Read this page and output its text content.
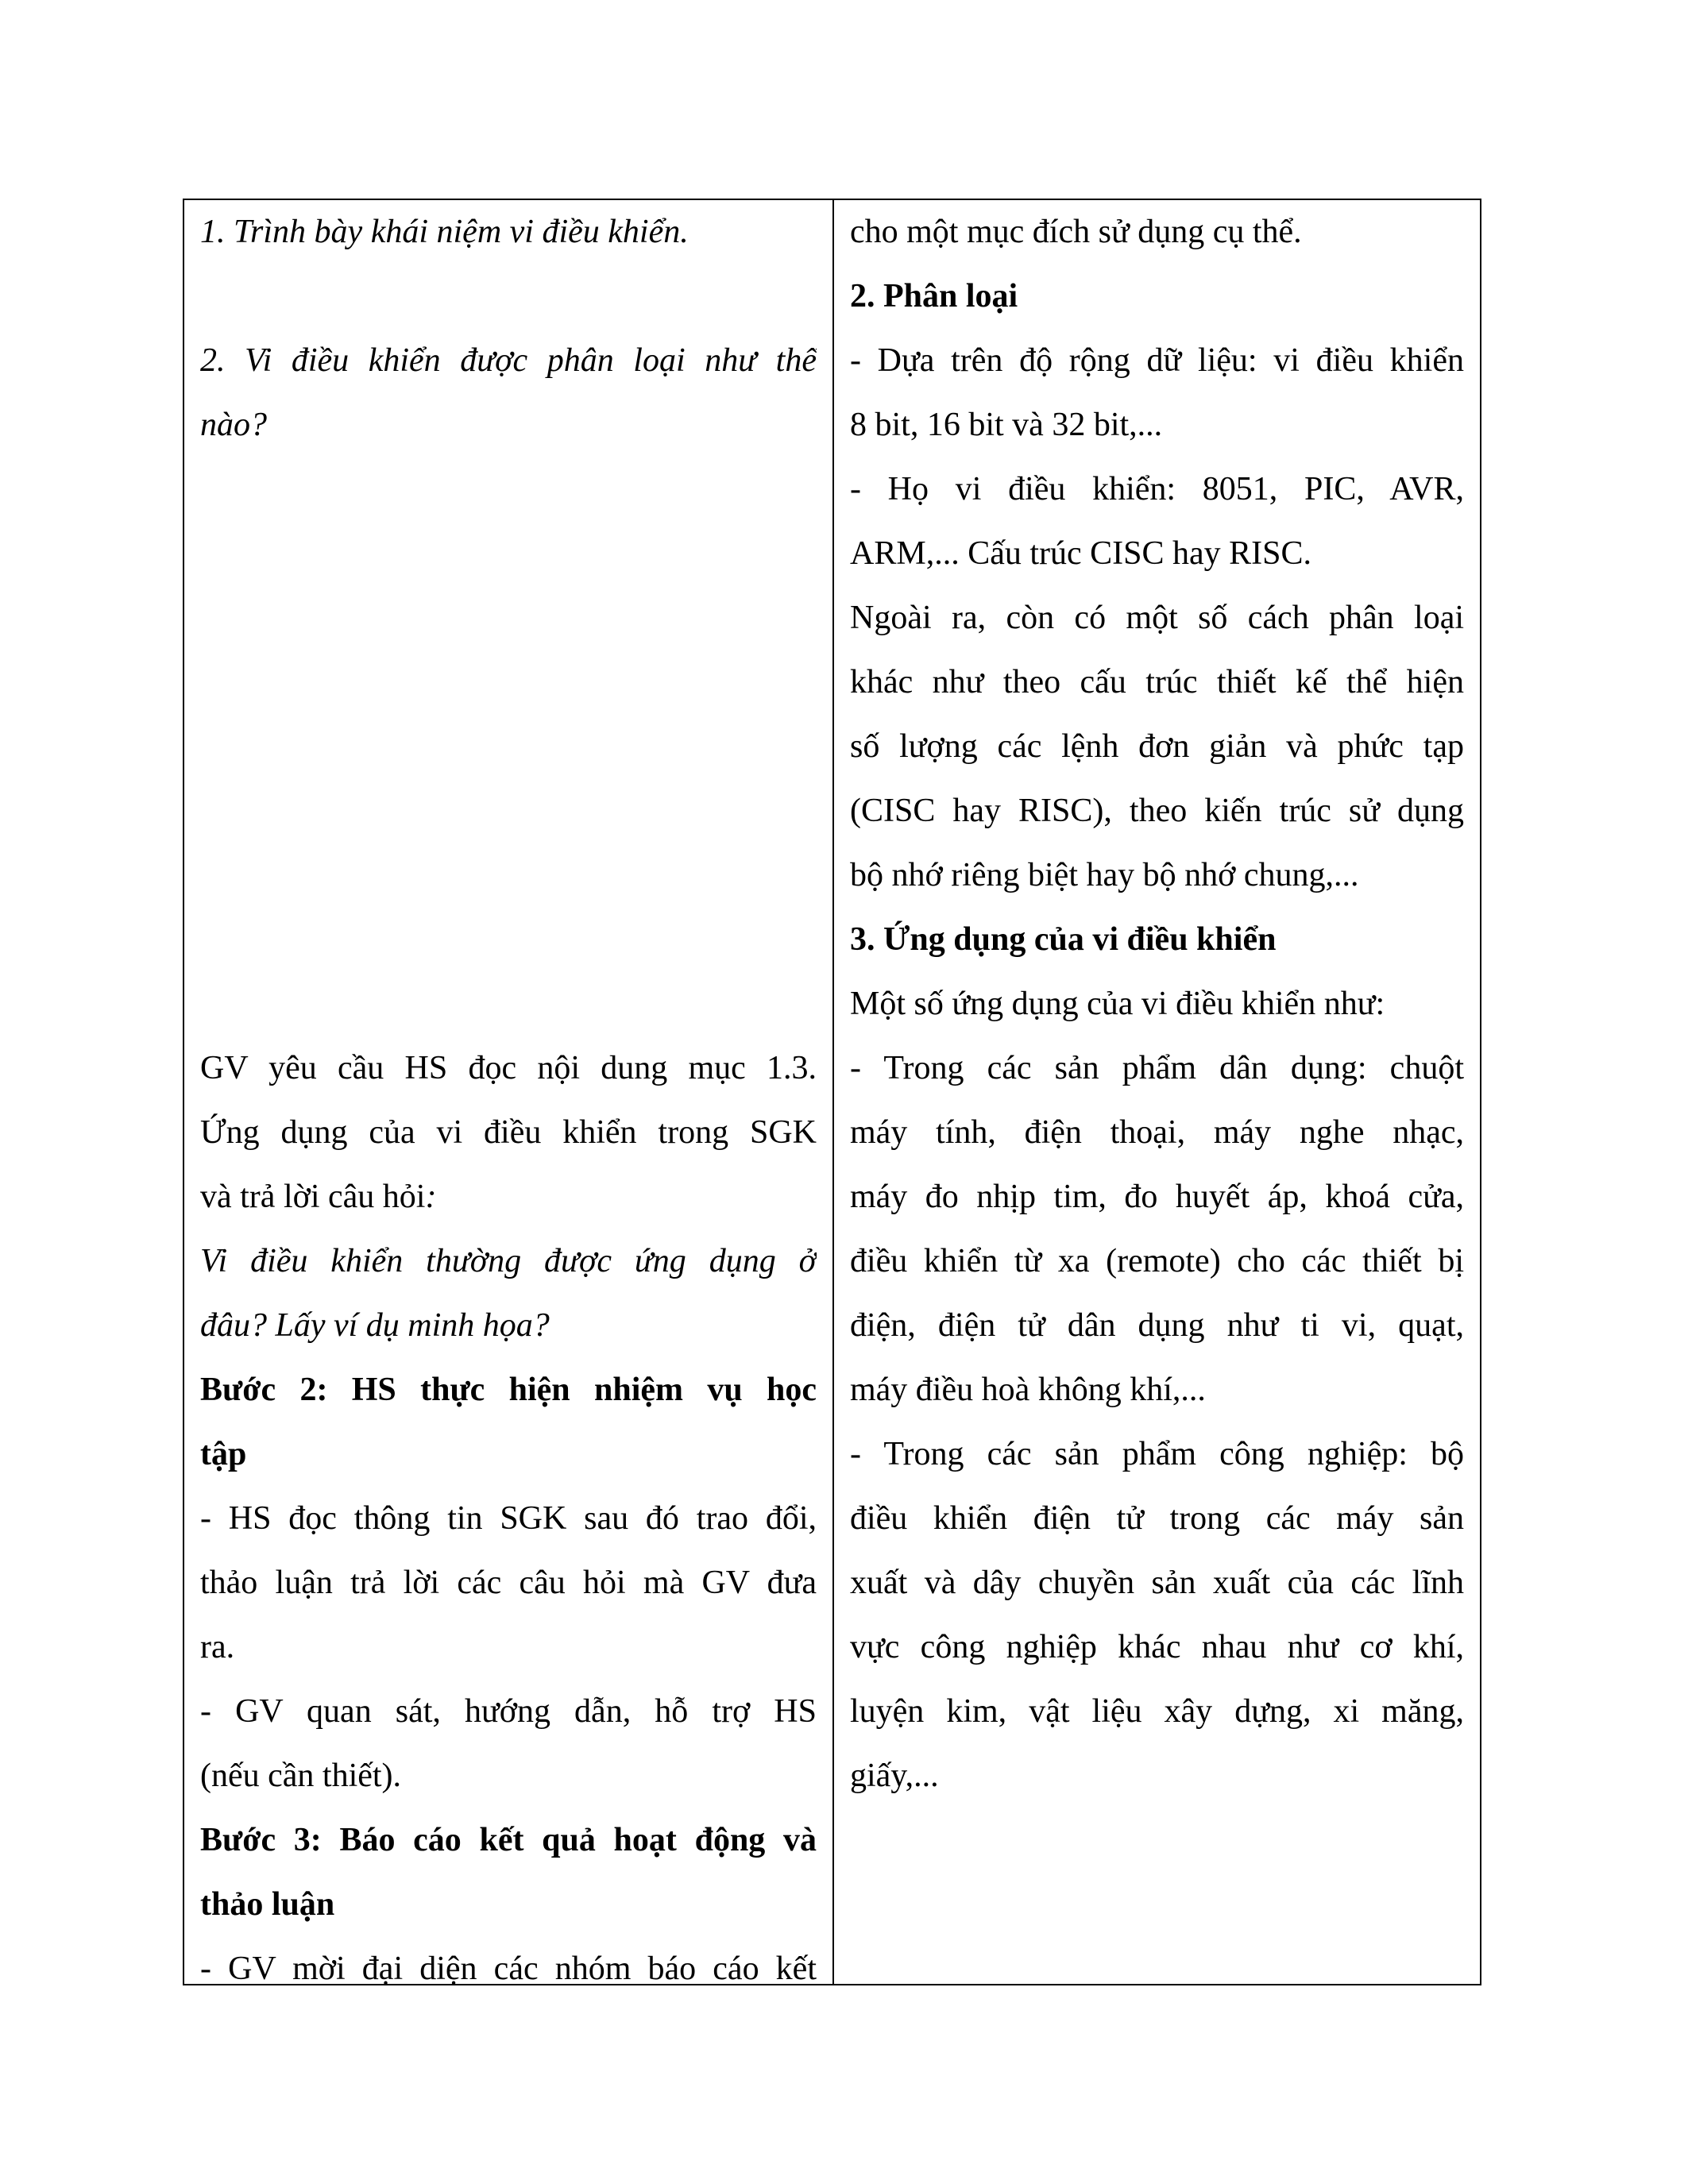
1. Trình bày khái niệm vi điều khiển.
2. Vi điều khiển được phân loại như thế
nào?
GV yêu cầu HS đọc nội dung mục 1.3.
Ứng dụng của vi điều khiển trong SGK
và trả lời câu hỏi:
Vi điều khiển thường được ứng dụng ở
đâu? Lấy ví dụ minh họa?
Bước 2: HS thực hiện nhiệm vụ học
tập
- HS đọc thông tin SGK sau đó trao đổi,
thảo luận trả lời các câu hỏi mà GV đưa
ra.
- GV quan sát, hướng dẫn, hỗ trợ HS
(nếu cần thiết).
Bước 3: Báo cáo kết quả hoạt động và
thảo luận
- GV mời đại diện các nhóm báo cáo kết
cho một mục đích sử dụng cụ thể.
2. Phân loại
- Dựa trên độ rộng dữ liệu: vi điều khiển
8 bit, 16 bit và 32 bit,...
- Họ vi điều khiển: 8051, PIC, AVR,
ARM,... Cấu trúc CISC hay RISC.
Ngoài ra, còn có một số cách phân loại
khác như theo cấu trúc thiết kế thể hiện
số lượng các lệnh đơn giản và phức tạp
(CISC hay RISC), theo kiến trúc sử dụng
bộ nhớ riêng biệt hay bộ nhớ chung,...
3. Ứng dụng của vi điều khiển
Một số ứng dụng của vi điều khiển như:
- Trong các sản phẩm dân dụng: chuột
máy tính, điện thoại, máy nghe nhạc,
máy đo nhịp tim, đo huyết áp, khoá cửa,
điều khiển từ xa (remote) cho các thiết bị
điện, điện tử dân dụng như ti vi, quạt,
máy điều hoà không khí,...
- Trong các sản phẩm công nghiệp: bộ
điều khiển điện tử trong các máy sản
xuất và dây chuyền sản xuất của các lĩnh
vực công nghiệp khác nhau như cơ khí,
luyện kim, vật liệu xây dựng, xi măng,
giấy,...
